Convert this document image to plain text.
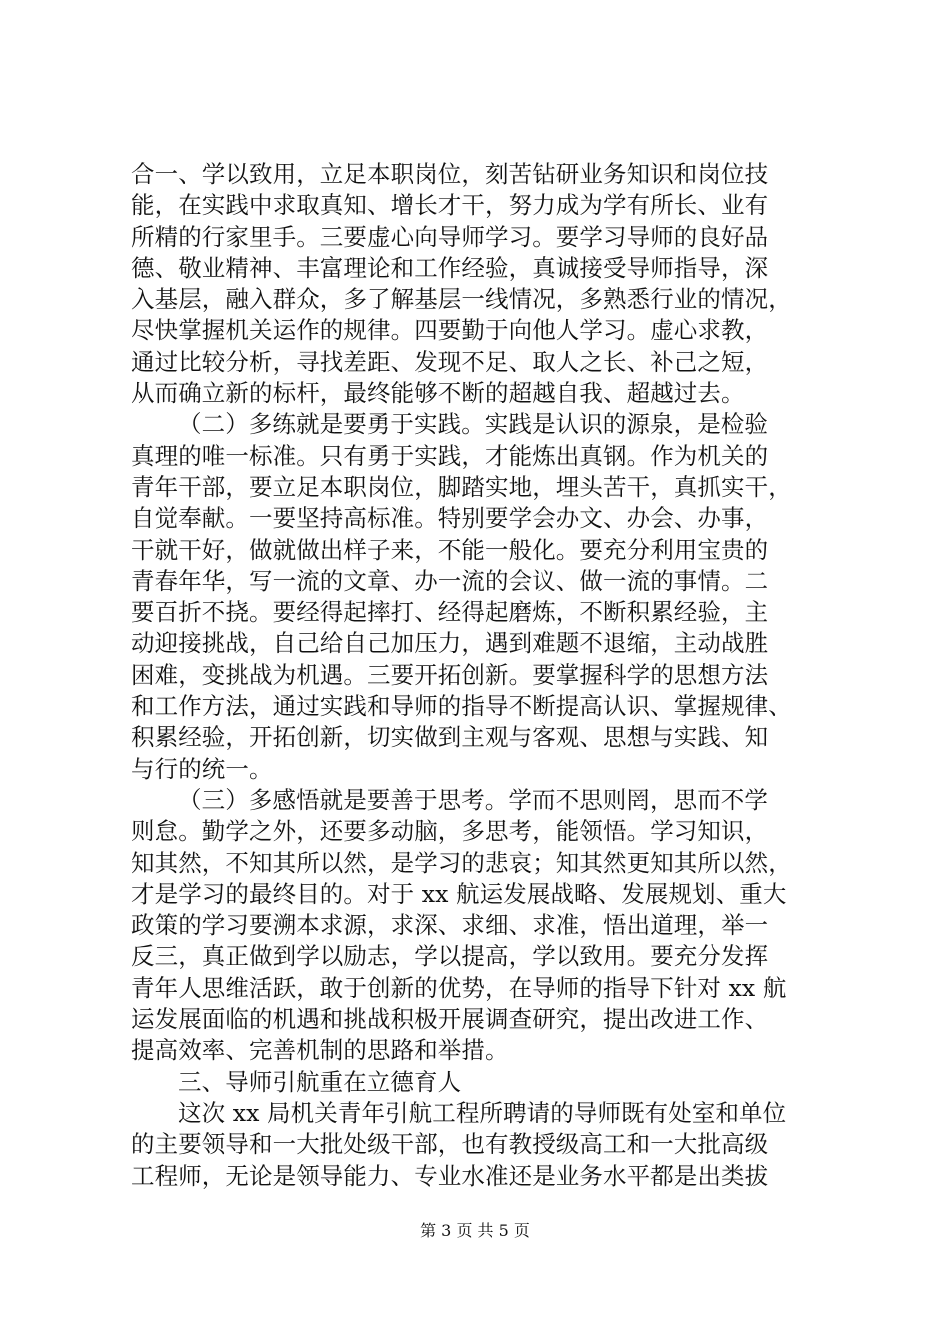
合一、学以致用，立足本职岗位，刻苦钻研业务知识和岗位技
能，在实践中求取真知、增长才干，努力成为学有所长、业有
所精的行家里手。三要虚心向导师学习。要学习导师的良好品
德、敬业精神、丰富理论和工作经验，真诚接受导师指导，深
入基层，融入群众，多了解基层一线情况，多熟悉行业的情况，
尽快掌握机关运作的规律。四要勤于向他人学习。虚心求教，
通过比较分析，寻找差距、发现不足、取人之长、补己之短，
从而确立新的标杆，最终能够不断的超越自我、超越过去。

（二）多练就是要勇于实践。实践是认识的源泉，是检验
真理的唯一标准。只有勇于实践，才能炼出真钢。作为机关的
青年干部，要立足本职岗位，脚踏实地，埋头苦干，真抓实干，
自觉奉献。一要坚持高标准。特别要学会办文、办会、办事，
干就干好，做就做出样子来，不能一般化。要充分利用宝贵的
青春年华，写一流的文章、办一流的会议、做一流的事情。二
要百折不挠。要经得起摔打、经得起磨炼，不断积累经验，主
动迎接挑战，自己给自己加压力，遇到难题不退缩，主动战胜
困难，变挑战为机遇。三要开拓创新。要掌握科学的思想方法
和工作方法，通过实践和导师的指导不断提高认识、掌握规律、
积累经验，开拓创新，切实做到主观与客观、思想与实践、知
与行的统一。

（三）多感悟就是要善于思考。学而不思则罔，思而不学
则怠。勤学之外，还要多动脑，多思考，能领悟。学习知识，
知其然，不知其所以然，是学习的悲哀；知其然更知其所以然，
才是学习的最终目的。对于 xx 航运发展战略、发展规划、重大
政策的学习要溯本求源，求深、求细、求准，悟出道理，举一
反三，真正做到学以励志，学以提高，学以致用。要充分发挥
青年人思维活跃，敢于创新的优势，在导师的指导下针对 xx 航
运发展面临的机遇和挑战积极开展调查研究，提出改进工作、
提高效率、完善机制的思路和举措。

三、导师引航重在立德育人

这次 xx 局机关青年引航工程所聘请的导师既有处室和单位
的主要领导和一大批处级干部，也有教授级高工和一大批高级
工程师，无论是领导能力、专业水准还是业务水平都是出类拔

第 3 页 共 5 页
